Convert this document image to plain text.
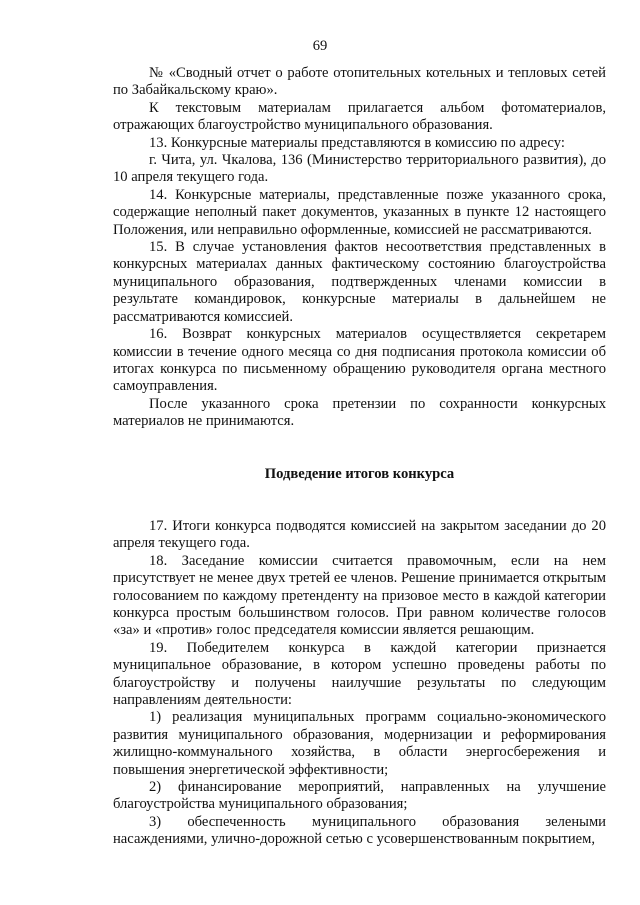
69

№ «Сводный отчет о работе отопительных котельных и тепловых сетей по Забайкальскому краю».

К текстовым материалам прилагается альбом фотоматериалов, отражающих благоустройство муниципального образования.

13. Конкурсные материалы представляются в комиссию по адресу:

г. Чита, ул. Чкалова, 136 (Министерство территориального развития), до 10 апреля текущего года.

14. Конкурсные материалы, представленные позже указанного срока, содержащие неполный пакет документов, указанных в пункте 12 настоящего Положения, или неправильно оформленные, комиссией не рассматриваются.

15. В случае установления фактов несоответствия представленных в конкурсных материалах данных фактическому состоянию благоустройства муниципального образования, подтвержденных членами комиссии в результате командировок, конкурсные материалы в дальнейшем не рассматриваются комиссией.

16. Возврат конкурсных материалов осуществляется секретарем комиссии в течение одного месяца со дня подписания протокола комиссии об итогах конкурса по письменному обращению руководителя органа местного самоуправления.

После указанного срока претензии по сохранности конкурсных материалов не принимаются.

Подведение итогов конкурса

17. Итоги конкурса подводятся комиссией на закрытом заседании до 20 апреля текущего года.

18. Заседание комиссии считается правомочным, если на нем присутствует не менее двух третей ее членов. Решение принимается открытым голосованием по каждому претенденту на призовое место в каждой категории конкурса простым большинством голосов. При равном количестве голосов «за» и «против» голос председателя комиссии является решающим.

19. Победителем конкурса в каждой категории признается муниципальное образование, в котором успешно проведены работы по благоустройству и получены наилучшие результаты по следующим направлениям деятельности:

1) реализация муниципальных программ социально-экономического развития муниципального образования, модернизации и реформирования жилищно-коммунального хозяйства, в области энергосбережения и повышения энергетической эффективности;

2) финансирование мероприятий, направленных на улучшение благоустройства муниципального образования;

3) обеспеченность муниципального образования зелеными насаждениями, улично-дорожной сетью с усовершенствованным покрытием,
